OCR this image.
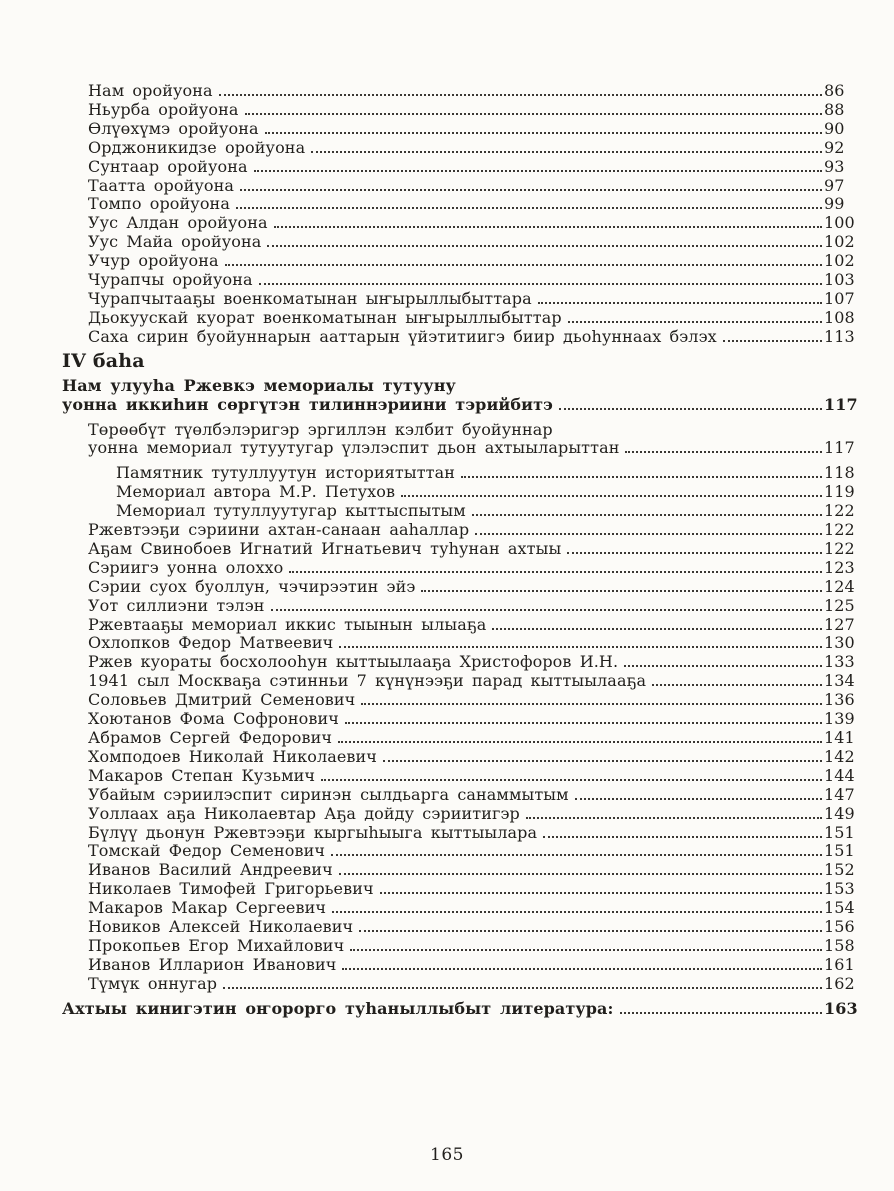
Нам оройуона	86
Ньурба оройуона	88
Өлүөхүмэ оройуона	90
Орджоникидзе оройуона	92
Сунтаар оройуона	93
Таатта оройуона	97
Томпо оройуона	99
Уус Алдан оройуона	100
Уус Майа оройуона	102
Учур оройуона	102
Чурапчы оройуона	103
Чурапчытааҕы военкоматынан ыҥырыллыбыттара	107
Дьокуускай куорат военкоматынан ыҥырыллыбыттар	108
Саха сирин буойуннарын ааттарын үйэтитиигэ биир дьоһуннаах бэлэх	113
IV баһа
Нам улууһа Ржевкэ мемориалы тутууну
уонна иккиһин сөргүтэн тилиннэриини тэрийбитэ	117
Төрөөбүт түөлбэлэригэр эргиллэн кэлбит буойуннар
уонна мемориал тутуутугар үлэлэспит дьон ахтыыларыттан	117
Памятник тутуллуутун историятыттан	118
Мемориал автора М.Р. Петухов	119
Мемориал тутуллуутугар кыттыспытым	122
Ржевтээҕи сэриини ахтан-санаан ааһаллар	122
Аҕам Свинобоев Игнатий Игнатьевич туһунан ахтыы	122
Сэриигэ уонна олоххо	123
Сэрии суох буоллун, чэчирээтин эйэ	124
Уот силлиэни тэлэн	125
Ржевтааҕы мемориал иккис тыынын ылыаҕа	127
Охлопков Федор Матвеевич	130
Ржев куораты босхолооһун кыттыылааҕа Христофоров И.Н.	133
1941 сыл Москваҕа сэтинньи 7 күнүнээҕи парад кыттыылааҕа	134
Соловьев Дмитрий Семенович	136
Хоютанов Фома Софронович	139
Абрамов Сергей Федорович	141
Хомподоев Николай Николаевич	142
Макаров Степан Кузьмич	144
Убайым сэриилэспит сиринэн сылдьарга санаммытым	147
Уоллаах аҕа Николаевтар Аҕа дойду сэриитигэр	149
Бүлүү дьонун Ржевтээҕи кыргыһыыга кыттыылара	151
Томскай Федор Семенович	151
Иванов Василий Андреевич	152
Николаев Тимофей Григорьевич	153
Макаров Макар Сергеевич	154
Новиков Алексей Николаевич	156
Прокопьев Егор Михайлович	158
Иванов Илларион Иванович	161
Түмүк оннугар	162
Ахтыы кинигэтин оҥорорго туһаныллыбыт литература:	163
165
